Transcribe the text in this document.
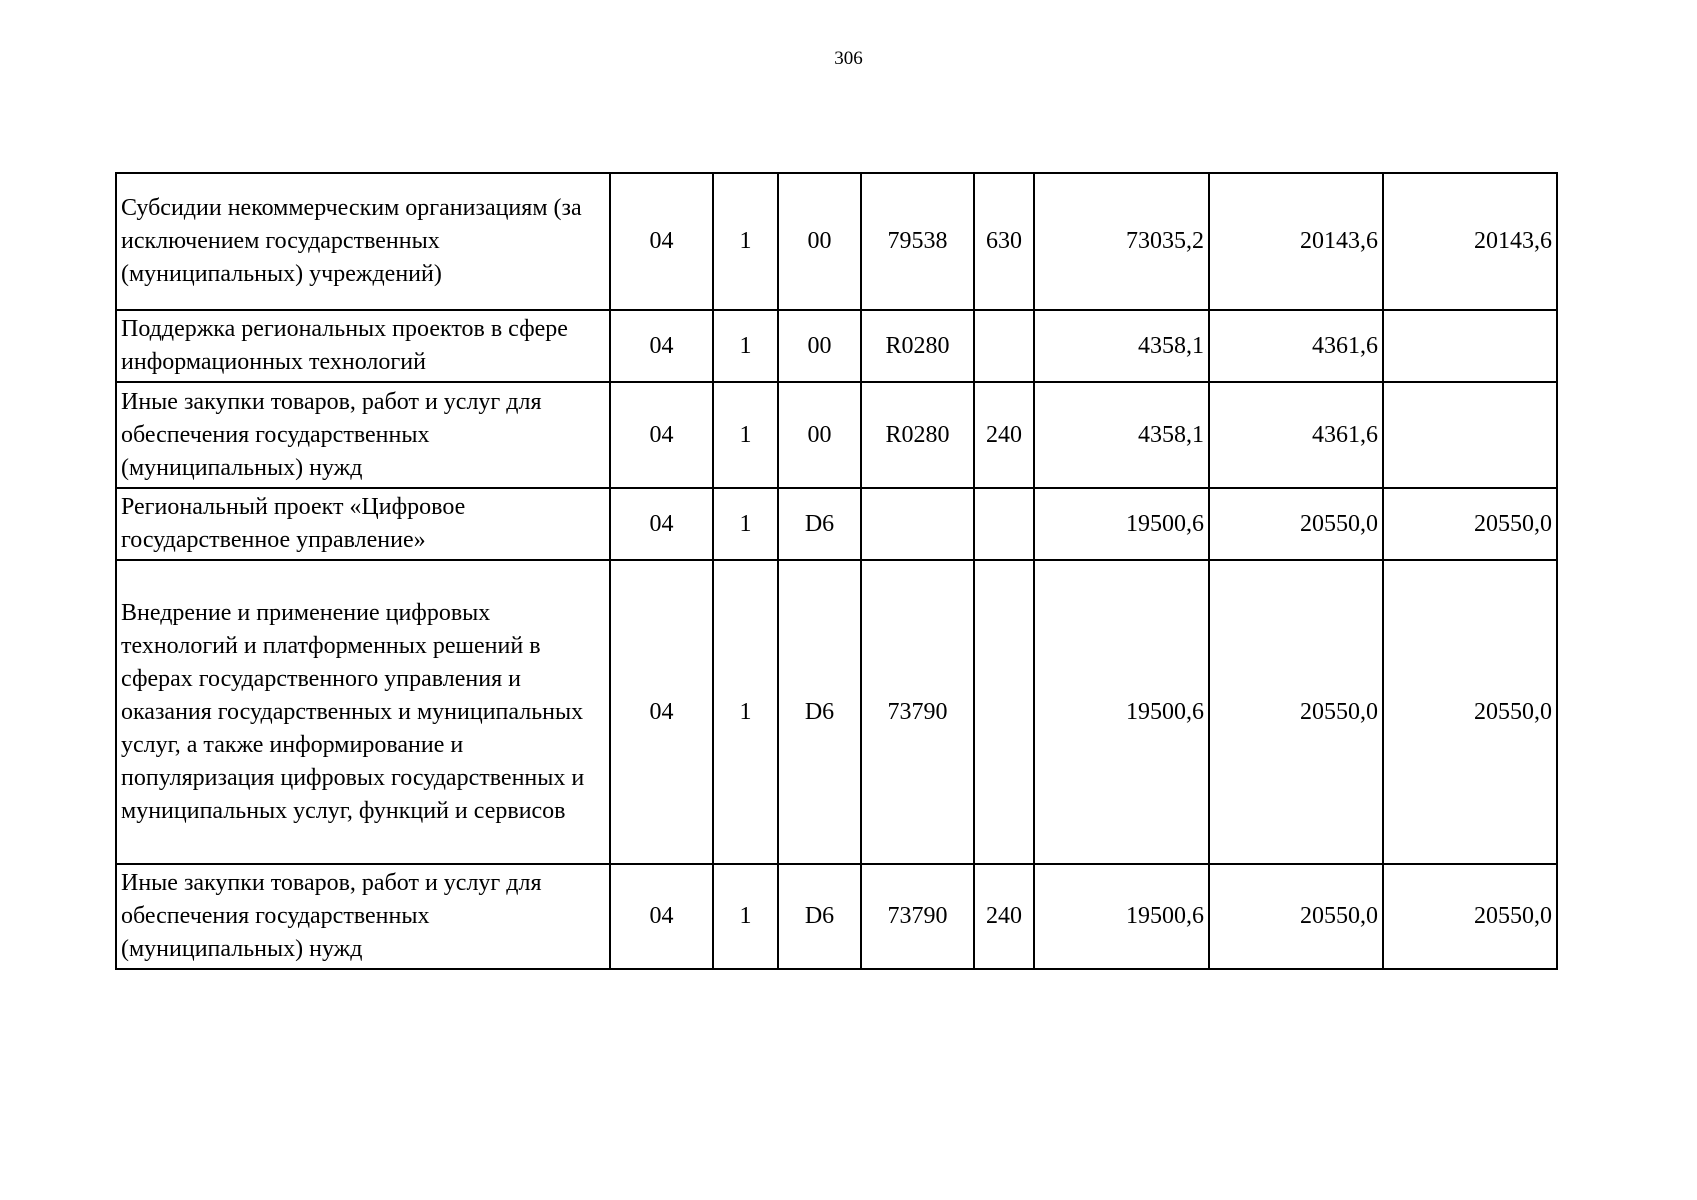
306
Субсидии некоммерческим организациям (за исключением государственных (муниципальных) учреждений)	04	1	00	79538	630	73035,2	20143,6	20143,6
Поддержка региональных проектов в сфере информационных технологий	04	1	00	R0280		4358,1	4361,6	
Иные закупки товаров, работ и услуг для обеспечения государственных (муниципальных) нужд	04	1	00	R0280	240	4358,1	4361,6	
Региональный проект «Цифровое государственное управление»	04	1	D6			19500,6	20550,0	20550,0
Внедрение и применение цифровых технологий и платформенных решений в сферах государственного управления и оказания государственных и муниципальных услуг, а также информирование и популяризация цифровых государственных и муниципальных услуг, функций и сервисов	04	1	D6	73790		19500,6	20550,0	20550,0
Иные закупки товаров, работ и услуг для обеспечения государственных (муниципальных) нужд	04	1	D6	73790	240	19500,6	20550,0	20550,0
